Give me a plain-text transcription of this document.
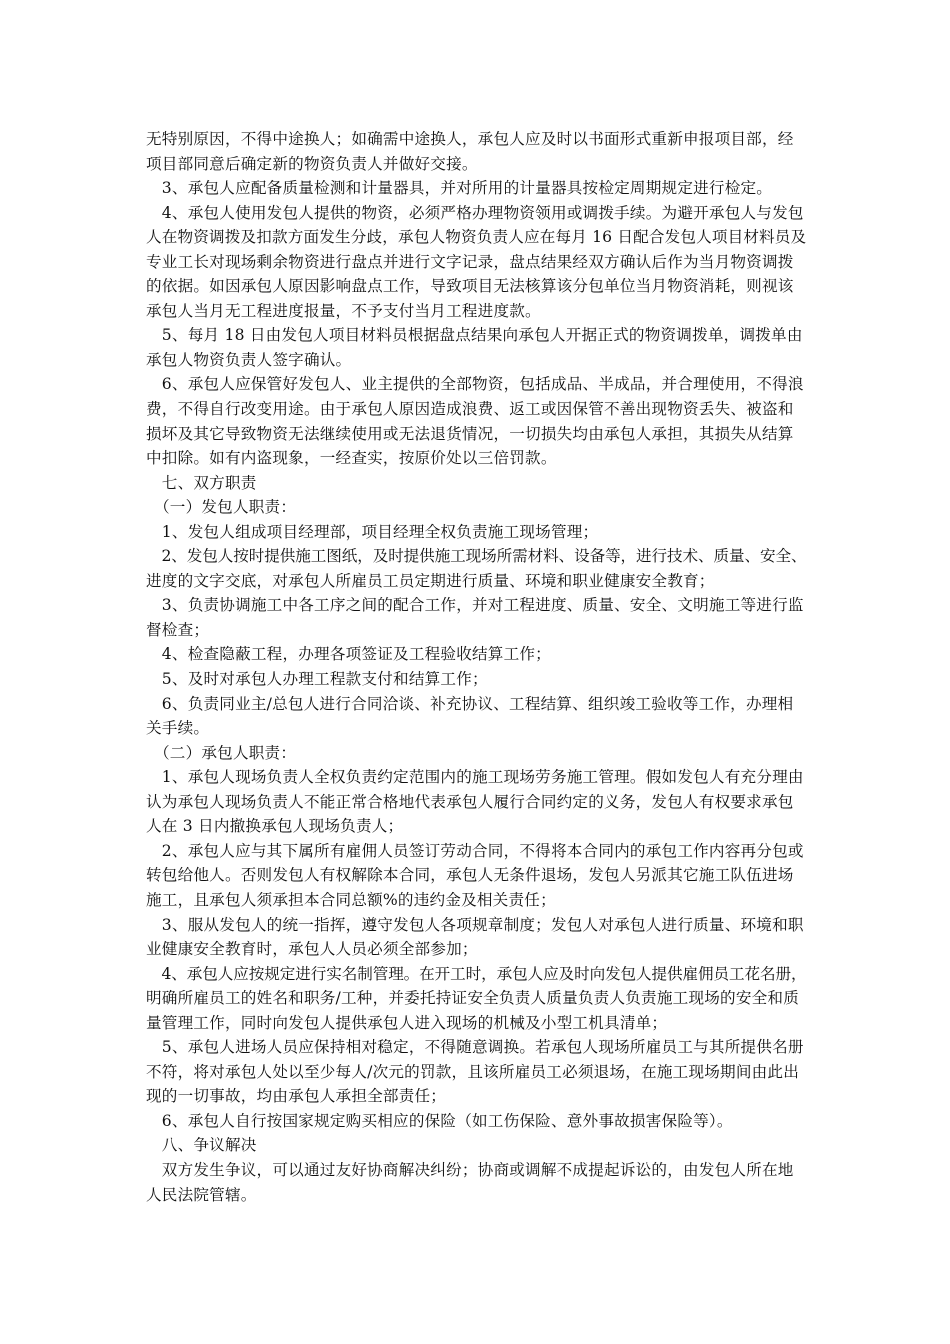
无特别原因，不得中途换人；如确需中途换人，承包人应及时以书面形式重新申报项目部，经
项目部同意后确定新的物资负责人并做好交接。
　3、承包人应配备质量检测和计量器具，并对所用的计量器具按检定周期规定进行检定。
　4、承包人使用发包人提供的物资，必须严格办理物资领用或调拨手续。为避开承包人与发包
人在物资调拨及扣款方面发生分歧，承包人物资负责人应在每月 16 日配合发包人项目材料员及
专业工长对现场剩余物资进行盘点并进行文字记录，盘点结果经双方确认后作为当月物资调拨
的依据。如因承包人原因影响盘点工作，导致项目无法核算该分包单位当月物资消耗，则视该
承包人当月无工程进度报量，不予支付当月工程进度款。
　5、每月 18 日由发包人项目材料员根据盘点结果向承包人开据正式的物资调拨单，调拨单由
承包人物资负责人签字确认。
　6、承包人应保管好发包人、业主提供的全部物资，包括成品、半成品，并合理使用，不得浪
费，不得自行改变用途。由于承包人原因造成浪费、返工或因保管不善出现物资丢失、被盗和
损坏及其它导致物资无法继续使用或无法退货情况，一切损失均由承包人承担，其损失从结算
中扣除。如有内盗现象，一经查实，按原价处以三倍罚款。
　七、双方职责
　（一）发包人职责：
　1、发包人组成项目经理部，项目经理全权负责施工现场管理；
　2、发包人按时提供施工图纸，及时提供施工现场所需材料、设备等，进行技术、质量、安全、
进度的文字交底，对承包人所雇员工员定期进行质量、环境和职业健康安全教育；
　3、负责协调施工中各工序之间的配合工作，并对工程进度、质量、安全、文明施工等进行监
督检查；
　4、检查隐蔽工程，办理各项签证及工程验收结算工作；
　5、及时对承包人办理工程款支付和结算工作；
　6、负责同业主/总包人进行合同洽谈、补充协议、工程结算、组织竣工验收等工作，办理相
关手续。
　（二）承包人职责：
　1、承包人现场负责人全权负责约定范围内的施工现场劳务施工管理。假如发包人有充分理由
认为承包人现场负责人不能正常合格地代表承包人履行合同约定的义务，发包人有权要求承包
人在 3 日内撤换承包人现场负责人；
　2、承包人应与其下属所有雇佣人员签订劳动合同，不得将本合同内的承包工作内容再分包或
转包给他人。否则发包人有权解除本合同，承包人无条件退场，发包人另派其它施工队伍进场
施工，且承包人须承担本合同总额%的违约金及相关责任；
　3、服从发包人的统一指挥，遵守发包人各项规章制度；发包人对承包人进行质量、环境和职
业健康安全教育时，承包人人员必须全部参加；
　4、承包人应按规定进行实名制管理。在开工时，承包人应及时向发包人提供雇佣员工花名册，
明确所雇员工的姓名和职务/工种，并委托持证安全负责人质量负责人负责施工现场的安全和质
量管理工作，同时向发包人提供承包人进入现场的机械及小型工机具清单；
　5、承包人进场人员应保持相对稳定，不得随意调换。若承包人现场所雇员工与其所提供名册
不符，将对承包人处以至少每人/次元的罚款，且该所雇员工必须退场，在施工现场期间由此出
现的一切事故，均由承包人承担全部责任；
　6、承包人自行按国家规定购买相应的保险（如工伤保险、意外事故损害保险等）。
　八、争议解决
　双方发生争议，可以通过友好协商解决纠纷；协商或调解不成提起诉讼的，由发包人所在地
人民法院管辖。
